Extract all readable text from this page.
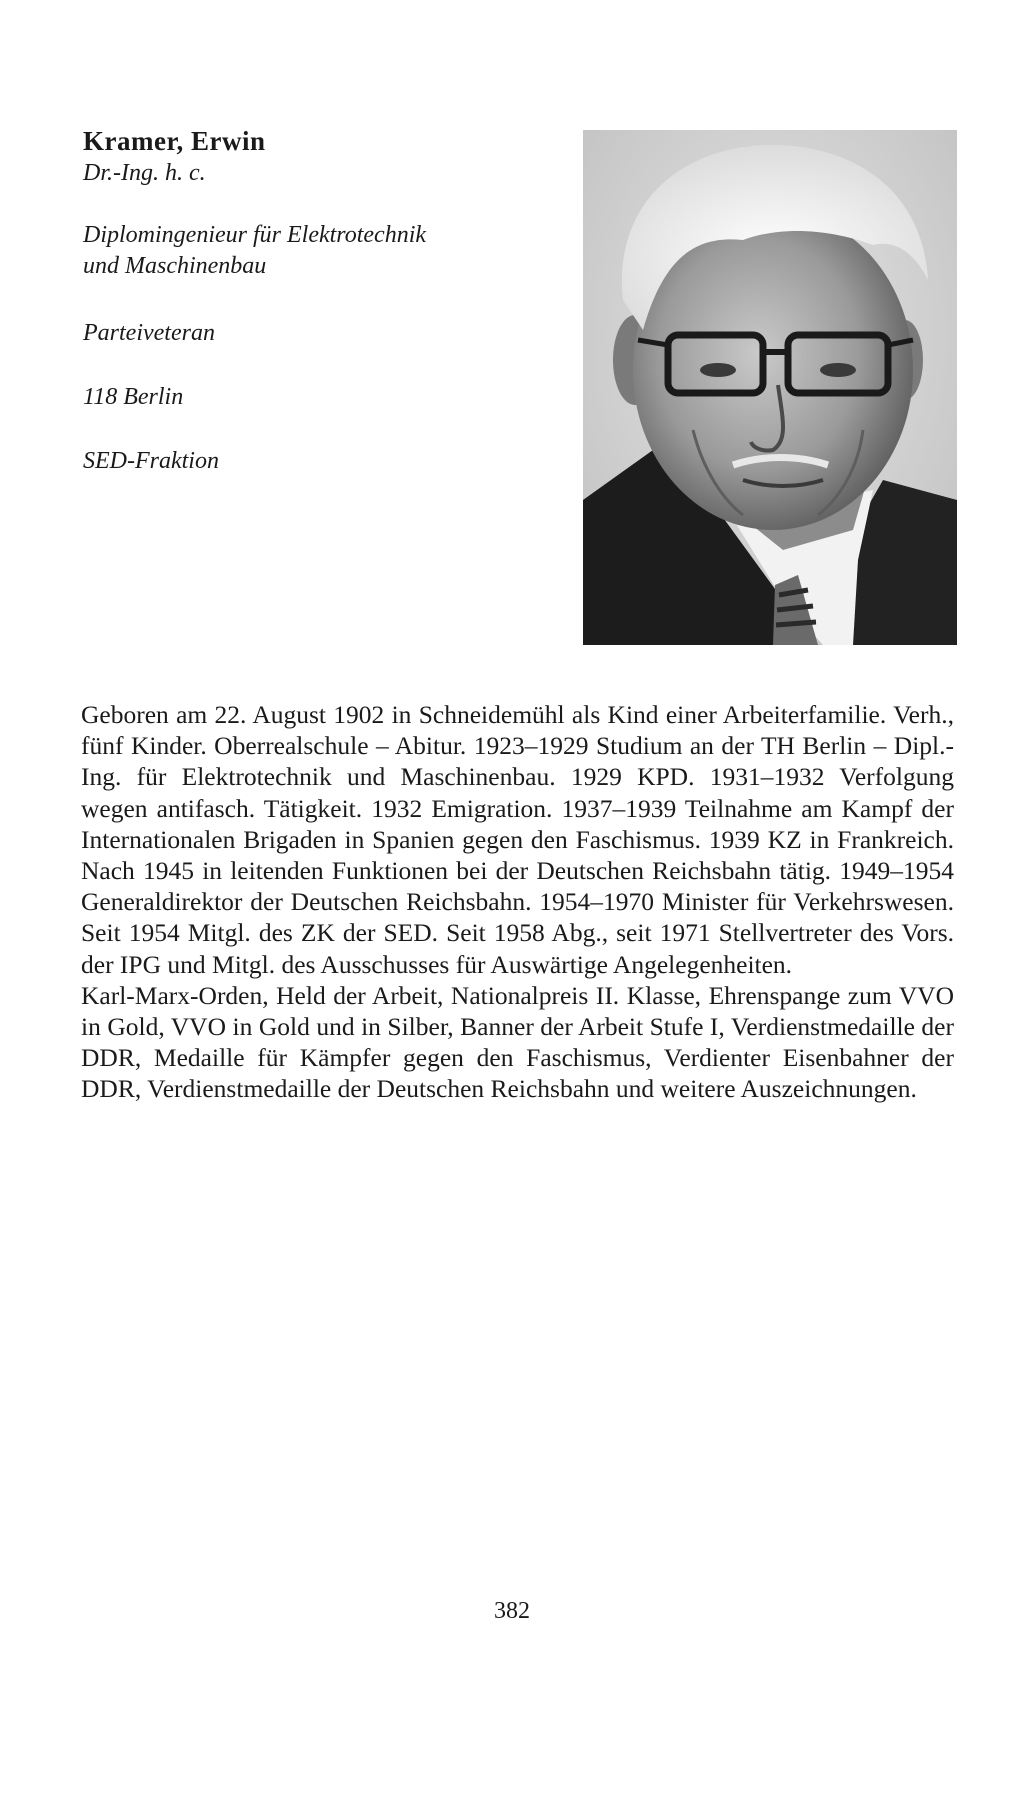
Kramer, Erwin

Dr.-Ing. h. c.

Diplomingenieur für Elektrotechnik und Maschinenbau

Parteiveteran

118 Berlin

SED-Fraktion

Geboren am 22. August 1902 in Schneidemühl als Kind einer Arbeiterfamilie. Verh., fünf Kinder. Oberrealschule – Abitur. 1923–1929 Studium an der TH Berlin – Dipl.-Ing. für Elektrotechnik und Maschinenbau. 1929 KPD. 1931–1932 Verfolgung wegen antifasch. Tätigkeit. 1932 Emigration. 1937–1939 Teilnahme am Kampf der Internationalen Brigaden in Spanien gegen den Faschismus. 1939 KZ in Frankreich. Nach 1945 in leitenden Funktionen bei der Deutschen Reichsbahn tätig. 1949–1954 Generaldirektor der Deutschen Reichsbahn. 1954–1970 Minister für Verkehrswesen. Seit 1954 Mitgl. des ZK der SED. Seit 1958 Abg., seit 1971 Stellvertreter des Vors. der IPG und Mitgl. des Ausschusses für Auswärtige Angelegenheiten.

Karl-Marx-Orden, Held der Arbeit, Nationalpreis II. Klasse, Ehrenspange zum VVO in Gold, VVO in Gold und in Silber, Banner der Arbeit Stufe I, Verdienstmedaille der DDR, Medaille für Kämpfer gegen den Faschismus, Verdienter Eisenbahner der DDR, Verdienstmedaille der Deutschen Reichsbahn und weitere Auszeichnungen.

382
